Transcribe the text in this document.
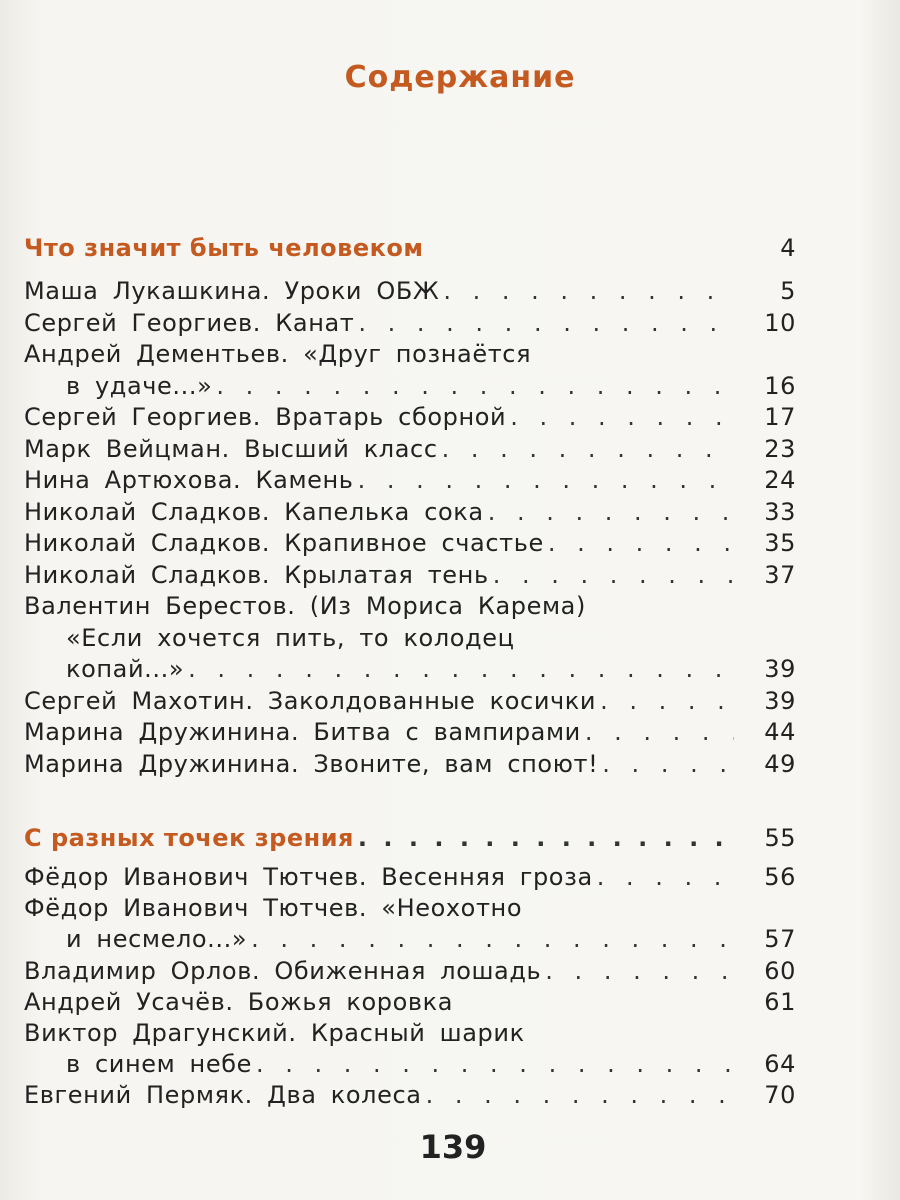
Содержание
Что значит быть человеком	4
Маша Лукашкина. Уроки ОБЖ . . .	5
Сергей Георгиев. Канат . . .	10
Андрей Дементьев. «Друг познаётся
в удаче...» . . .	16
Сергей Георгиев. Вратарь сборной . . .	17
Марк Вейцман. Высший класс . . .	23
Нина Артюхова. Камень . . .	24
Николай Сладков. Капелька сока . . .	33
Николай Сладков. Крапивное счастье . . .	35
Николай Сладков. Крылатая тень . . .	37
Валентин Берестов. (Из Мориса Карема)
«Если хочется пить, то колодец
копай...» . . .	39
Сергей Махотин. Заколдованные косички . . .	39
Марина Дружинина. Битва с вампирами . . .	44
Марина Дружинина. Звоните, вам споют! . . .	49
С разных точек зрения . . .	55
Фёдор Иванович Тютчев. Весенняя гроза . . .	56
Фёдор Иванович Тютчев. «Неохотно
и несмело...» . . .	57
Владимир Орлов. Обиженная лошадь . . .	60
Андрей Усачёв. Божья коровка	61
Виктор Драгунский. Красный шарик
в синем небе . . .	64
Евгений Пермяк. Два колеса . . .	70
139
